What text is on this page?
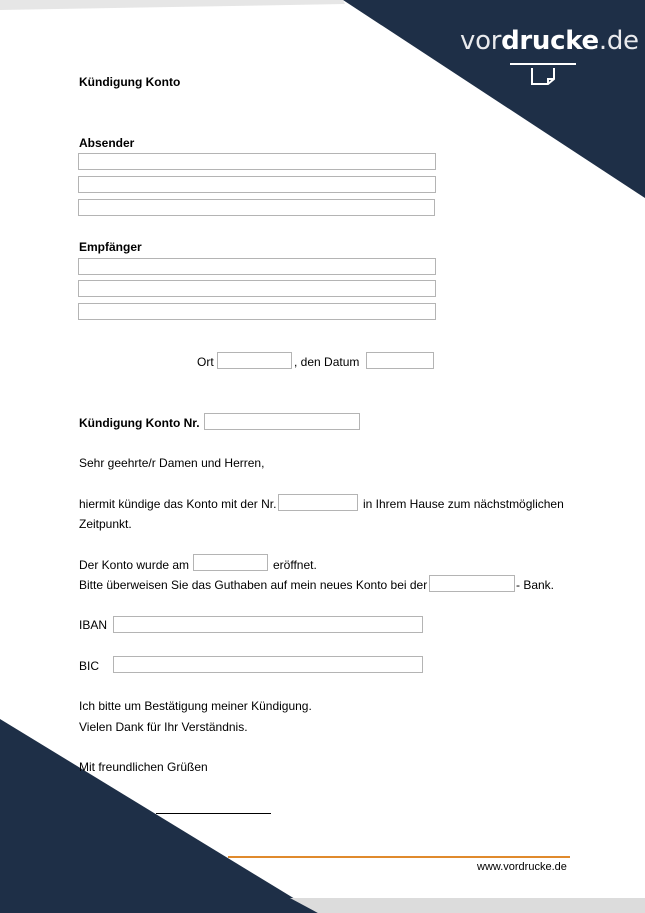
vordrucke.de
Kündigung Konto
Absender
Empfänger
Ort	, den Datum
Kündigung Konto Nr.
Sehr geehrte/r Damen und Herren,
hiermit kündige das Konto mit der Nr.	in Ihrem Hause zum nächstmöglichen
Zeitpunkt.
Der Konto wurde am	eröffnet.
Bitte überweisen Sie das Guthaben auf mein neues Konto bei der	- Bank.
IBAN
BIC
Ich bitte um Bestätigung meiner Kündigung.
Vielen Dank für Ihr Verständnis.
Mit freundlichen Grüßen
www.vordrucke.de
